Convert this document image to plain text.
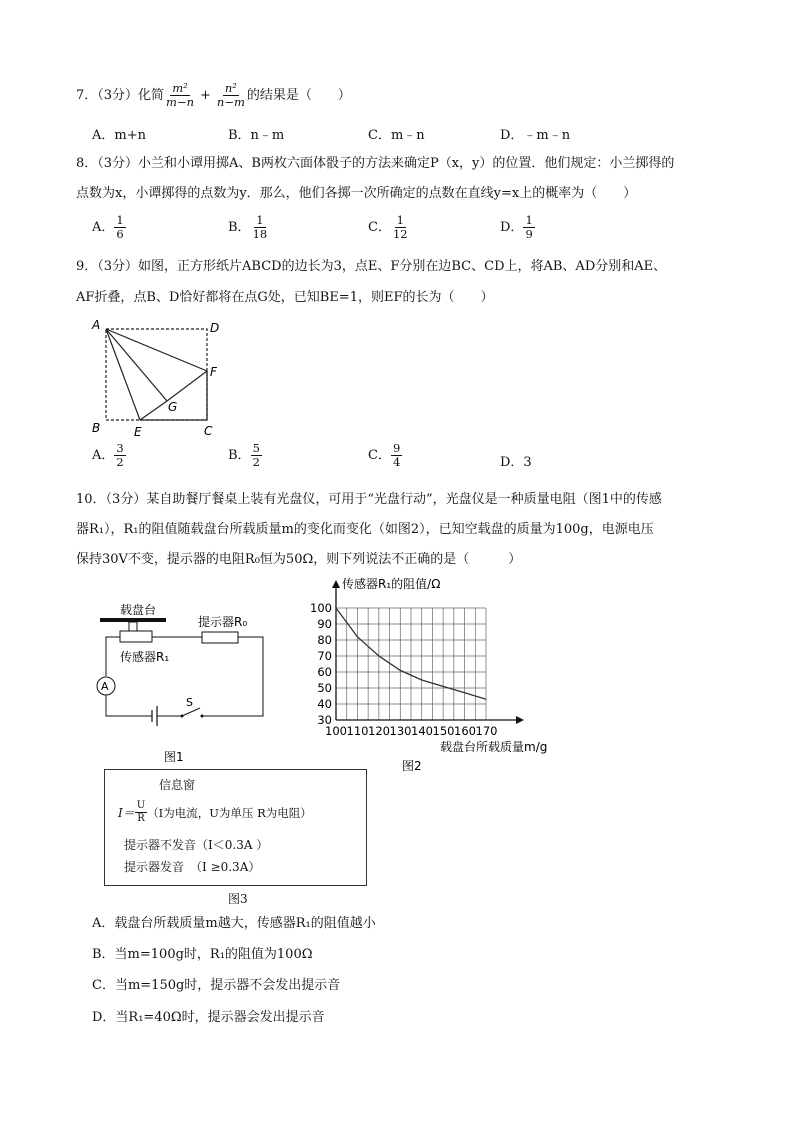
7．（3分）化简 $\frac{\text{m²}}{m-n} + \frac{\text{n²}}{n-m}$ 的结果是（　　）
A．m+n	B．n﹣m	C．m﹣n	D．﹣m﹣n
8．（3分）小兰和小谭用掷A、B两枚六面体骰子的方法来确定P（x，y）的位置．他们规定：小兰掷得的
点数为x，小谭掷得的点数为y．那么，他们各掷一次所确定的点数在直线y=x上的概率为（　　）
A． $\frac{1}{6}$	B． $\frac{1}{18}$	C． $\frac{1}{12}$	D． $\frac{1}{9}$
9．（3分）如图，正方形纸片ABCD的边长为3，点E、F分别在边BC、CD上，将AB、AD分别和AE、
AF折叠，点B、D恰好都将在点G处，已知BE=1，则EF的长为（　　）
A	D
F
G
B	E	C
A． $\frac{3}{2}$	B． $\frac{5}{2}$	C． $\frac{9}{4}$	D．3
10．（3分）某自助餐厅餐桌上装有光盘仪，可用于“光盘行动”，光盘仪是一种质量电阻（图1中的传感
器R₁），R₁的阻值随载盘台所载质量m的变化而变化（如图2），已知空载盘的质量为100g，电源电压
保持30V不变，提示器的电阻R₀恒为50Ω，则下列说法不正确的是（　　　）
载盘台
提示器R₀
传感器R₁
A
S
图1
传感器R₁的阻值/Ω
30
40
50
60
70
80
90
100
100 110 120 130 140 150 160 170
载盘台所载质量m/g
图2
信息窗
$I= \frac{U}{R} (I$为电流，U为单压 R为电阻）
提示器不发音（I＜0.3A ）
提示器发音　（I ≥0.3A）
图3
A．载盘台所载质量m越大，传感器R₁的阻值越小
B．当m=100g时，R₁的阻值为100Ω
C．当m=150g时，提示器不会发出提示音
D．当R₁=40Ω时，提示器会发出提示音
